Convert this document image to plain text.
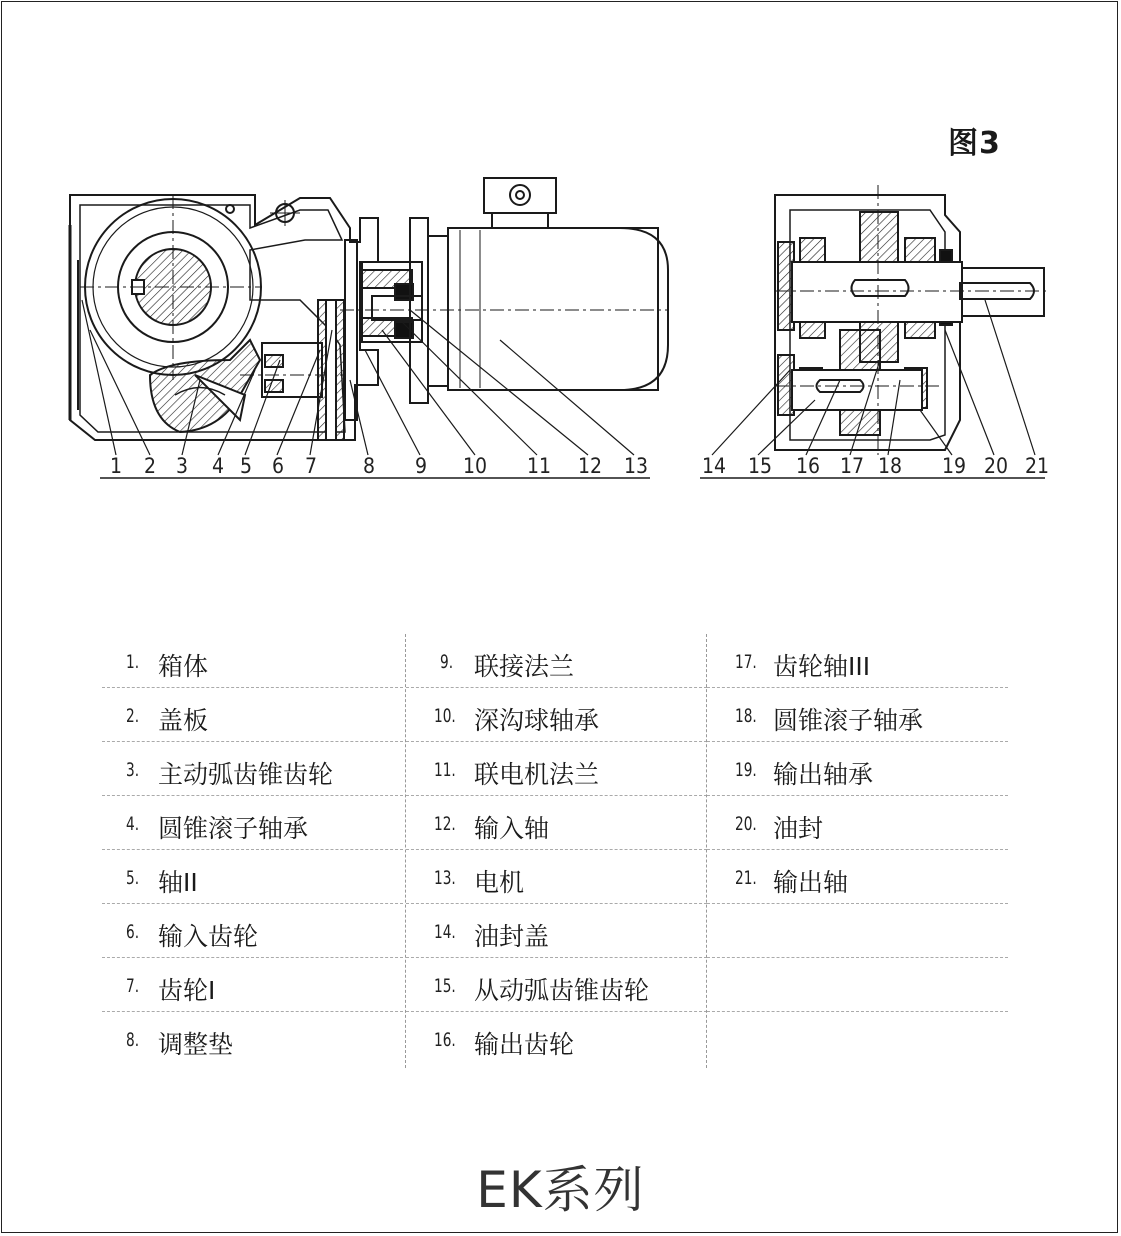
图3
1 2 3 4 5 6 7 8 9 10 11 12 13	14 15 16 17 18 19 20 21
1. 箱体
2. 盖板
3. 主动弧齿锥齿轮
4. 圆锥滚子轴承
5. 轴II
6. 输入齿轮
7. 齿轮I
8. 调整垫
9. 联接法兰
10. 深沟球轴承
11. 联电机法兰
12. 输入轴
13. 电机
14. 油封盖
15. 从动弧齿锥齿轮
16. 输出齿轮
17. 齿轮轴III
18. 圆锥滚子轴承
19. 输出轴承
20. 油封
21. 输出轴
EK系列
